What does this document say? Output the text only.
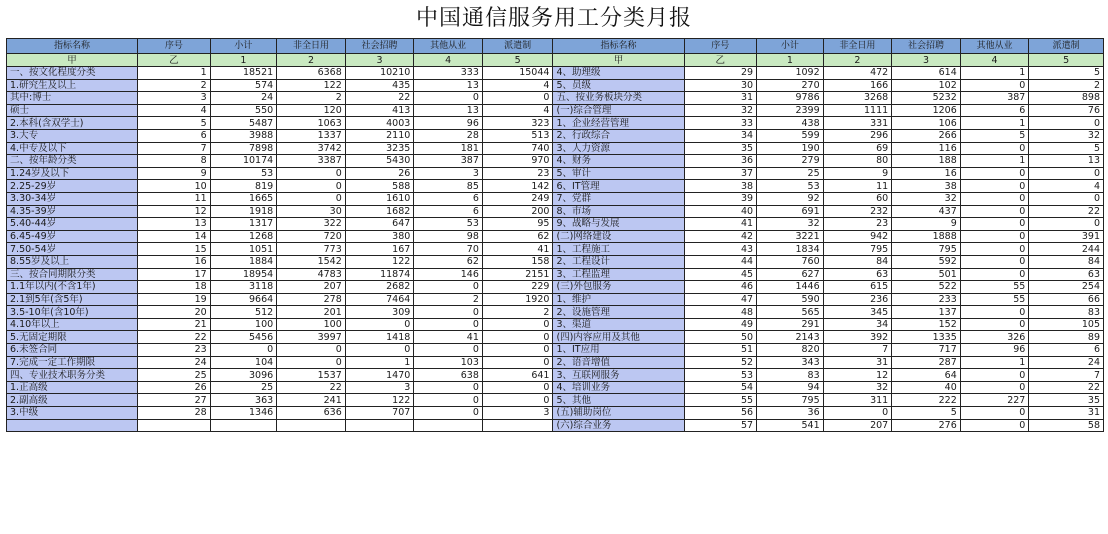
中国通信服务用工分类月报
指标名称	序号	小计	非全日用	社会招聘	其他从业	派遣制	指标名称	序号	小计	非全日用	社会招聘	其他从业	派遣制
甲	乙	1	2	3	4	5	甲	乙	1	2	3	4	5
一、按文化程度分类	1	18521	6368	10210	333	15044	4、助理级	29	1092	472	614	1	5
1.研究生及以上	2	574	122	435	13	4	5、员级	30	270	166	102	0	2
其中:博士	3	24	2	22	0	0	五、按业务板块分类	31	9786	3268	5232	387	898
硕士	4	550	120	413	13	4	(一)综合管理	32	2399	1111	1206	6	76
2.本科(含双学士)	5	5487	1063	4003	96	323	1、企业经营管理	33	438	331	106	1	0
3.大专	6	3988	1337	2110	28	513	2、行政综合	34	599	296	266	5	32
4.中专及以下	7	7898	3742	3235	181	740	3、人力资源	35	190	69	116	0	5
二、按年龄分类	8	10174	3387	5430	387	970	4、财务	36	279	80	188	1	13
1.24岁及以下	9	53	0	26	3	23	5、审计	37	25	9	16	0	0
2.25-29岁	10	819	0	588	85	142	6、IT管理	38	53	11	38	0	4
3.30-34岁	11	1665	0	1610	6	249	7、党群	39	92	60	32	0	0
4.35-39岁	12	1918	30	1682	6	200	8、市场	40	691	232	437	0	22
5.40-44岁	13	1317	322	647	53	95	9、战略与发展	41	32	23	9	0	0
6.45-49岁	14	1268	720	380	98	62	(二)网络建设	42	3221	942	1888	0	391
7.50-54岁	15	1051	773	167	70	41	1、工程施工	43	1834	795	795	0	244
8.55岁及以上	16	1884	1542	122	62	158	2、工程设计	44	760	84	592	0	84
三、按合同期限分类	17	18954	4783	11874	146	2151	3、工程监理	45	627	63	501	0	63
1.1年以内(不含1年)	18	3118	207	2682	0	229	(三)外包服务	46	1446	615	522	55	254
2.1到5年(含5年)	19	9664	278	7464	2	1920	1、维护	47	590	236	233	55	66
3.5-10年(含10年)	20	512	201	309	0	2	2、设施管理	48	565	345	137	0	83
4.10年以上	21	100	100	0	0	0	3、渠道	49	291	34	152	0	105
5.无固定期限	22	5456	3997	1418	41	0	(四)内容应用及其他	50	2143	392	1335	326	89
6.未签合同	23	0	0	0	0	0	1、IT应用	51	820	7	717	96	6
7.完成一定工作期限	24	104	0	1	103	0	2、语音增值	52	343	31	287	1	24
四、专业技术职务分类	25	3096	1537	1470	638	641	3、互联网服务	53	83	12	64	0	7
1.正高级	26	25	22	3	0	0	4、培训业务	54	94	32	40	0	22
2.副高级	27	363	241	122	0	0	5、其他	55	795	311	222	227	35
3.中级	28	1346	636	707	0	3	(五)辅助岗位	56	36	0	5	0	31
							(六)综合业务	57	541	207	276	0	58
